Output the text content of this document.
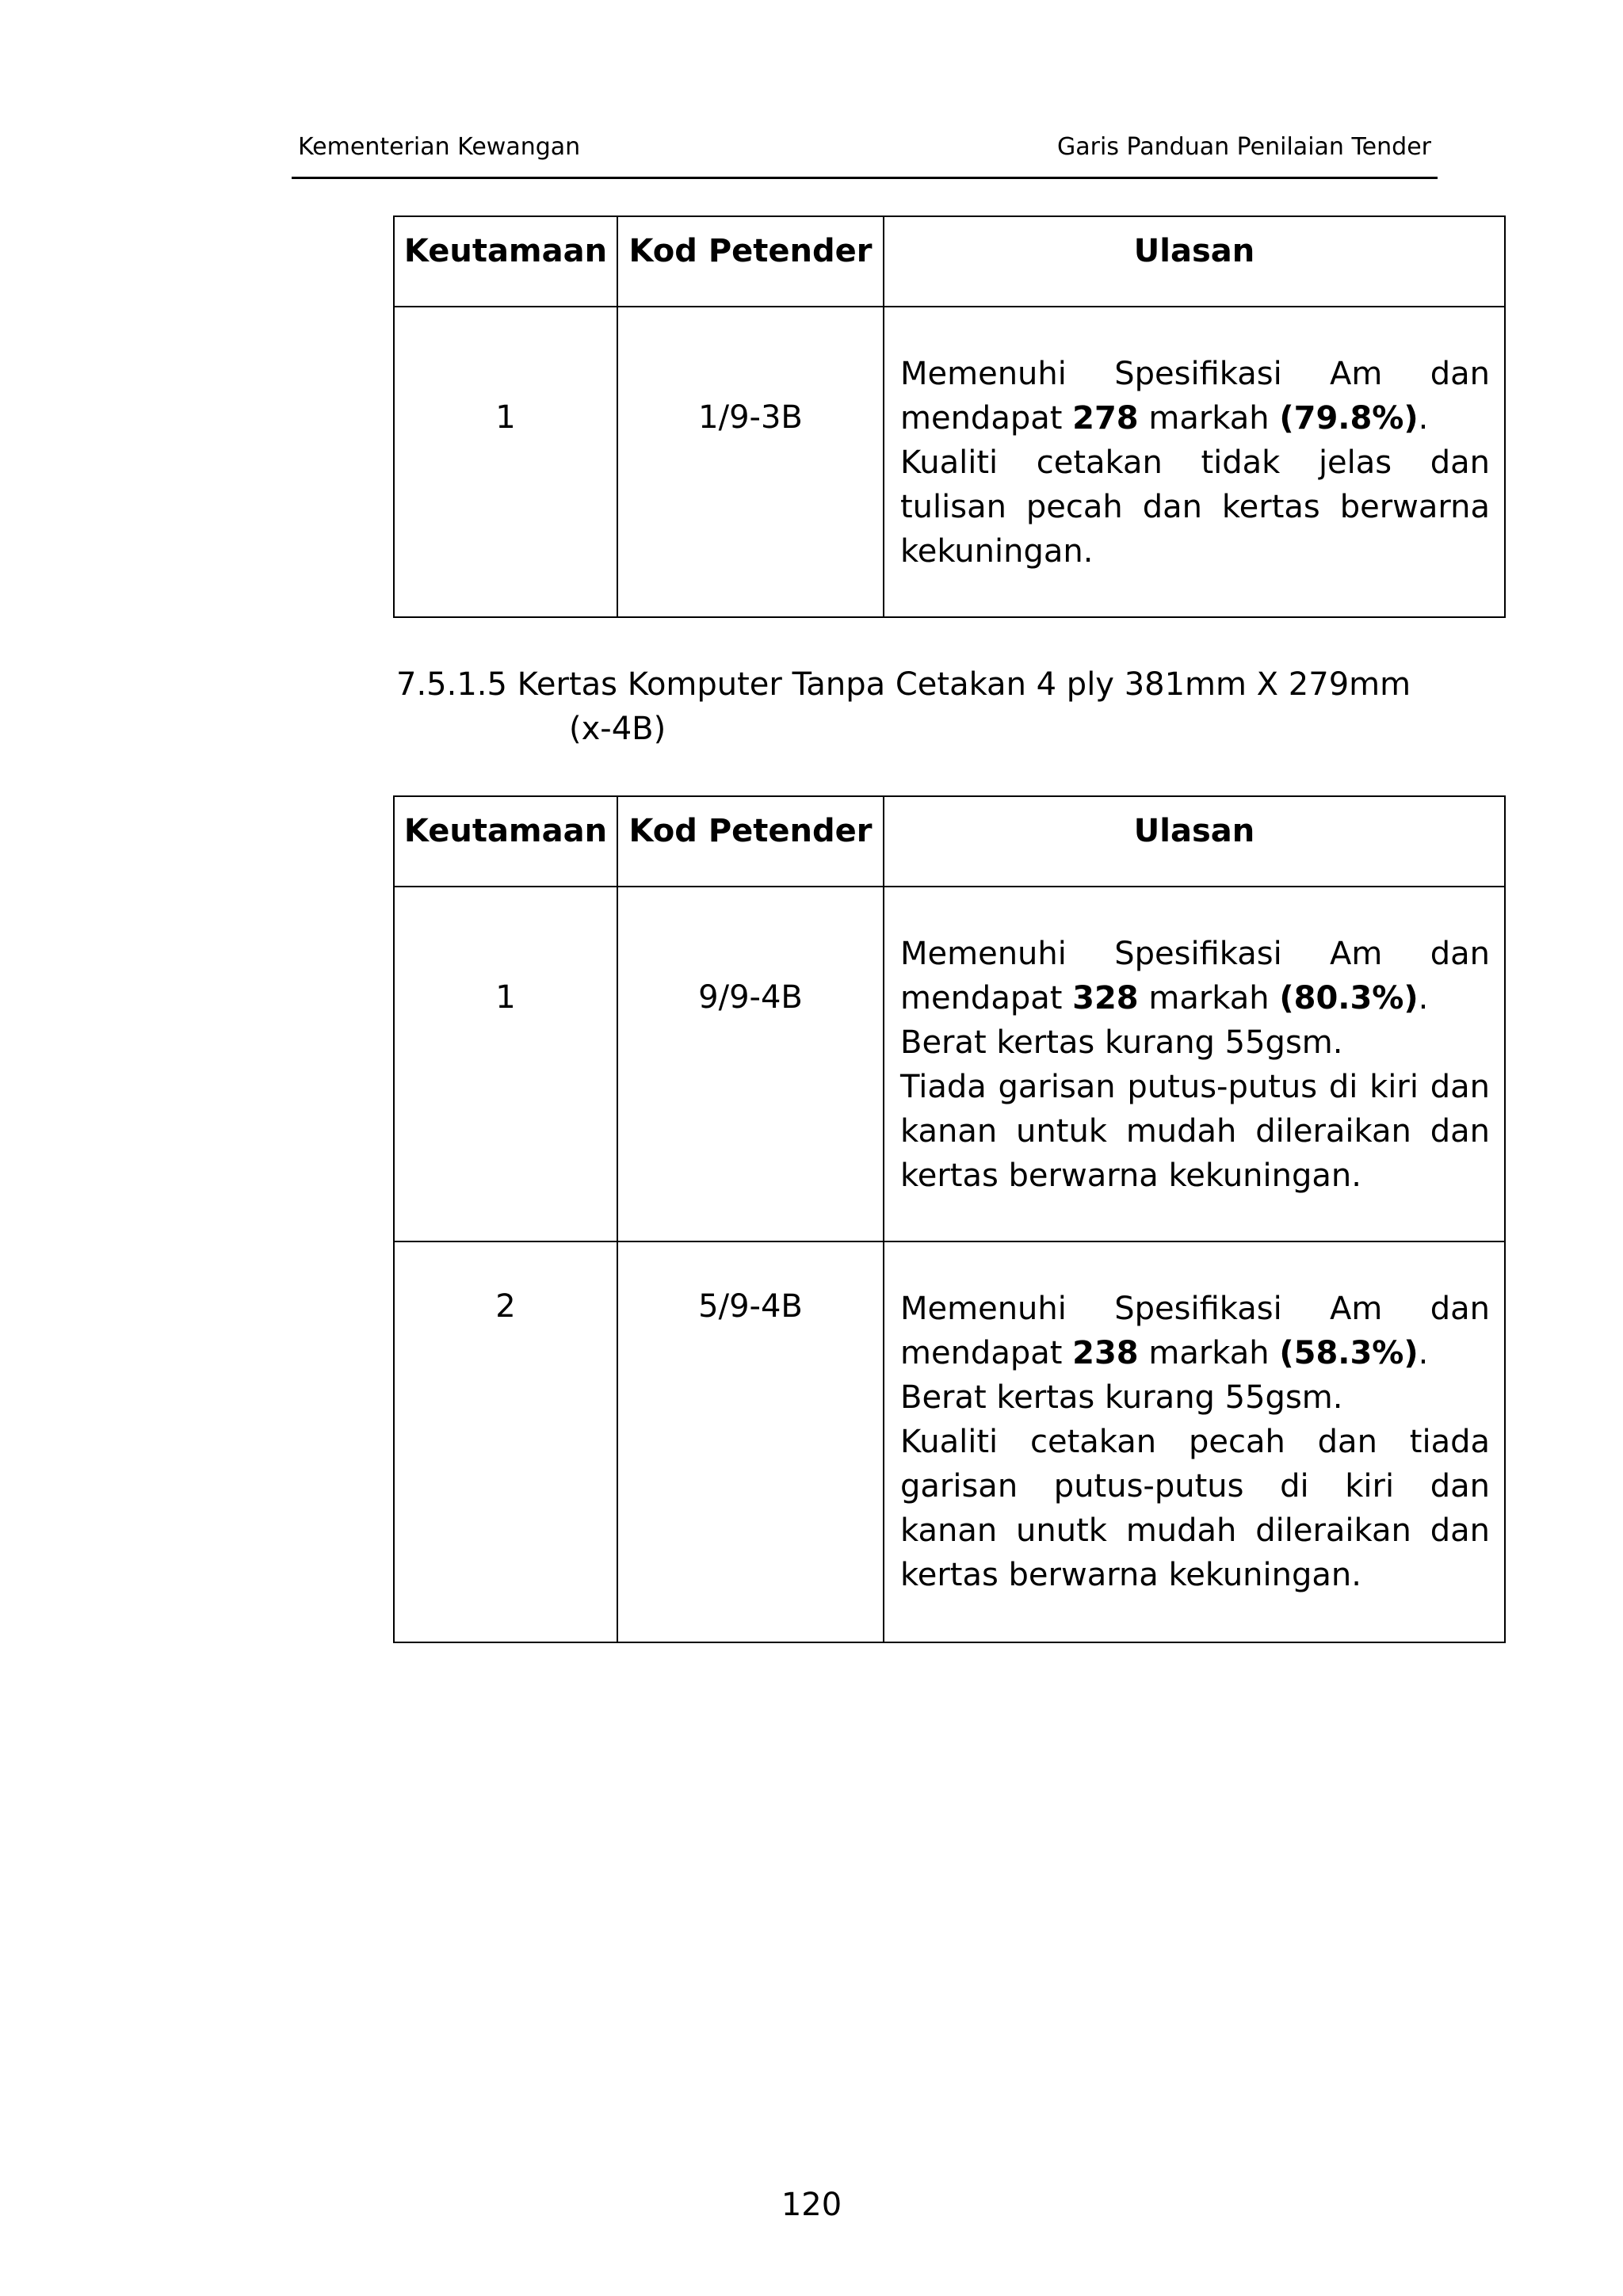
Kementerian Kewangan	Garis Panduan Penilaian Tender
Keutamaan	Kod Petender	Ulasan
1	1/9-3B	Memenuhi Spesifikasi Am dan mendapat 278 markah (79.8%).

Kualiti cetakan tidak jelas dan tulisan pecah dan kertas berwarna kekuningan.

7.5.1.5 Kertas Komputer Tanpa Cetakan 4 ply 381mm X 279mm
(x-4B)
Keutamaan	Kod Petender	Ulasan
1	9/9-4B	Memenuhi Spesifikasi Am dan mendapat 328 markah (80.3%).

Berat kertas kurang 55gsm.

Tiada garisan putus-putus di kiri dan kanan untuk mudah dileraikan dan kertas berwarna kekuningan.

2	5/9-4B	Memenuhi Spesifikasi Am dan mendapat 238 markah (58.3%).

Berat kertas kurang 55gsm.

Kualiti cetakan pecah dan tiada garisan putus-putus di kiri dan kanan unutk mudah dileraikan dan kertas berwarna kekuningan.

120
